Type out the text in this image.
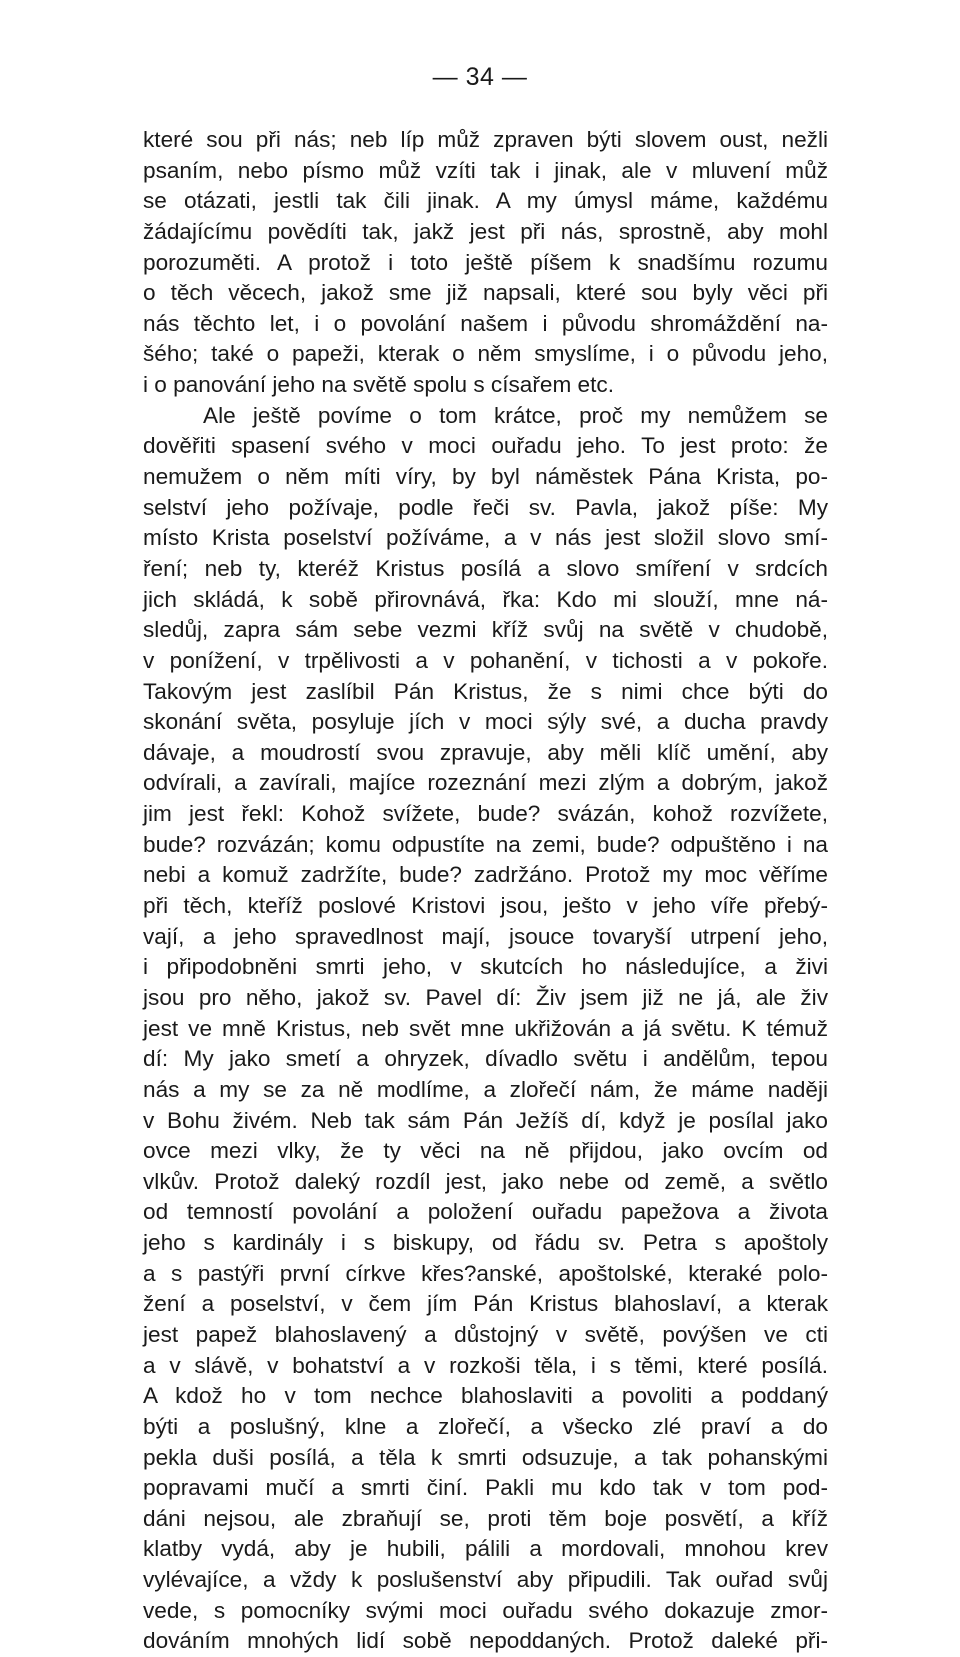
— 34 —
které sou při nás; neb líp můž zpraven býti slovem oust, nežli
psaním, nebo písmo můž vzíti tak i jinak, ale v mluvení můž
se otázati, jestli tak čili jinak. A my úmysl máme, každému
žádajícímu povědíti tak, jakž jest při nás, sprostně, aby mohl
porozuměti. A protož i toto ještě píšem k snadšímu rozumu
o těch věcech, jakož sme již napsali, které sou byly věci při
nás těchto let, i o povolání našem i původu shromáždění na-
šého; také o papeži, kterak o něm smyslíme, i o původu jeho,
i o panování jeho na světě spolu s císařem etc.
Ale ještě povíme o tom krátce, proč my nemůžem se
dověřiti spasení svého v moci ouřadu jeho. To jest proto: že
nemužem o něm míti víry, by byl náměstek Pána Krista, po-
selství jeho požívaje, podle řeči sv. Pavla, jakož píše: My
místo Krista poselství požíváme, a v nás jest složil slovo smí-
ření; neb ty, kteréž Kristus posílá a slovo smíření v srdcích
jich skládá, k sobě přirovnává, řka: Kdo mi slouží, mne ná-
sledůj, zapra sám sebe vezmi kříž svůj na světě v chudobě,
v ponížení, v trpělivosti a v pohanění, v tichosti a v pokoře.
Takovým jest zaslíbil Pán Kristus, že s nimi chce býti do
skonání světa, posyluje jích v moci sýly své, a ducha pravdy
dávaje, a moudrostí svou zpravuje, aby měli klíč umění, aby
odvírali, a zavírali, majíce rozeznání mezi zlým a dobrým, jakož
jim jest řekl: Kohož svížete, bude? svázán, kohož rozvížete,
bude? rozvázán; komu odpustíte na zemi, bude? odpuštěno i na
nebi a komuž zadržíte, bude? zadržáno. Protož my moc věříme
při těch, kteříž poslové Kristovi jsou, ješto v jeho víře přebý-
vají, a jeho spravedlnost mají, jsouce tovaryší utrpení jeho,
i připodobněni smrti jeho, v skutcích ho následujíce, a živi
jsou pro něho, jakož sv. Pavel dí: Živ jsem již ne já, ale živ
jest ve mně Kristus, neb svět mne ukřižován a já světu. K témuž
dí: My jako smetí a ohryzek, dívadlo světu i andělům, tepou
nás a my se za ně modlíme, a zlořečí nám, že máme naději
v Bohu živém. Neb tak sám Pán Ježíš dí, když je posílal jako
ovce mezi vlky, že ty věci na ně přijdou, jako ovcím od
vlkův. Protož daleký rozdíl jest, jako nebe od země, a světlo
od temností povolání a položení ouřadu papežova a života
jeho s kardinály i s biskupy, od řádu sv. Petra s apoštoly
a s pastýři první církve křes?anské, apoštolské, kteraké polo-
žení a poselství, v čem jím Pán Kristus blahoslaví, a kterak
jest papež blahoslavený a důstojný v světě, povýšen ve cti
a v slávě, v bohatství a v rozkoši těla, i s těmi, které posílá.
A kdož ho v tom nechce blahoslaviti a povoliti a poddaný
býti a poslušný, klne a zlořečí, a všecko zlé praví a do
pekla duši posílá, a těla k smrti odsuzuje, a tak pohanskými
popravami mučí a smrti činí. Pakli mu kdo tak v tom pod-
dáni nejsou, ale zbraňují se, proti těm boje posvětí, a kříž
klatby vydá, aby je hubili, pálili a mordovali, mnohou krev
vylévajíce, a vždy k poslušenství aby připudili. Tak ouřad svůj
vede, s pomocníky svými moci ouřadu svého dokazuje zmor-
dováním mnohých lidí sobě nepoddaných. Protož daleké při-
